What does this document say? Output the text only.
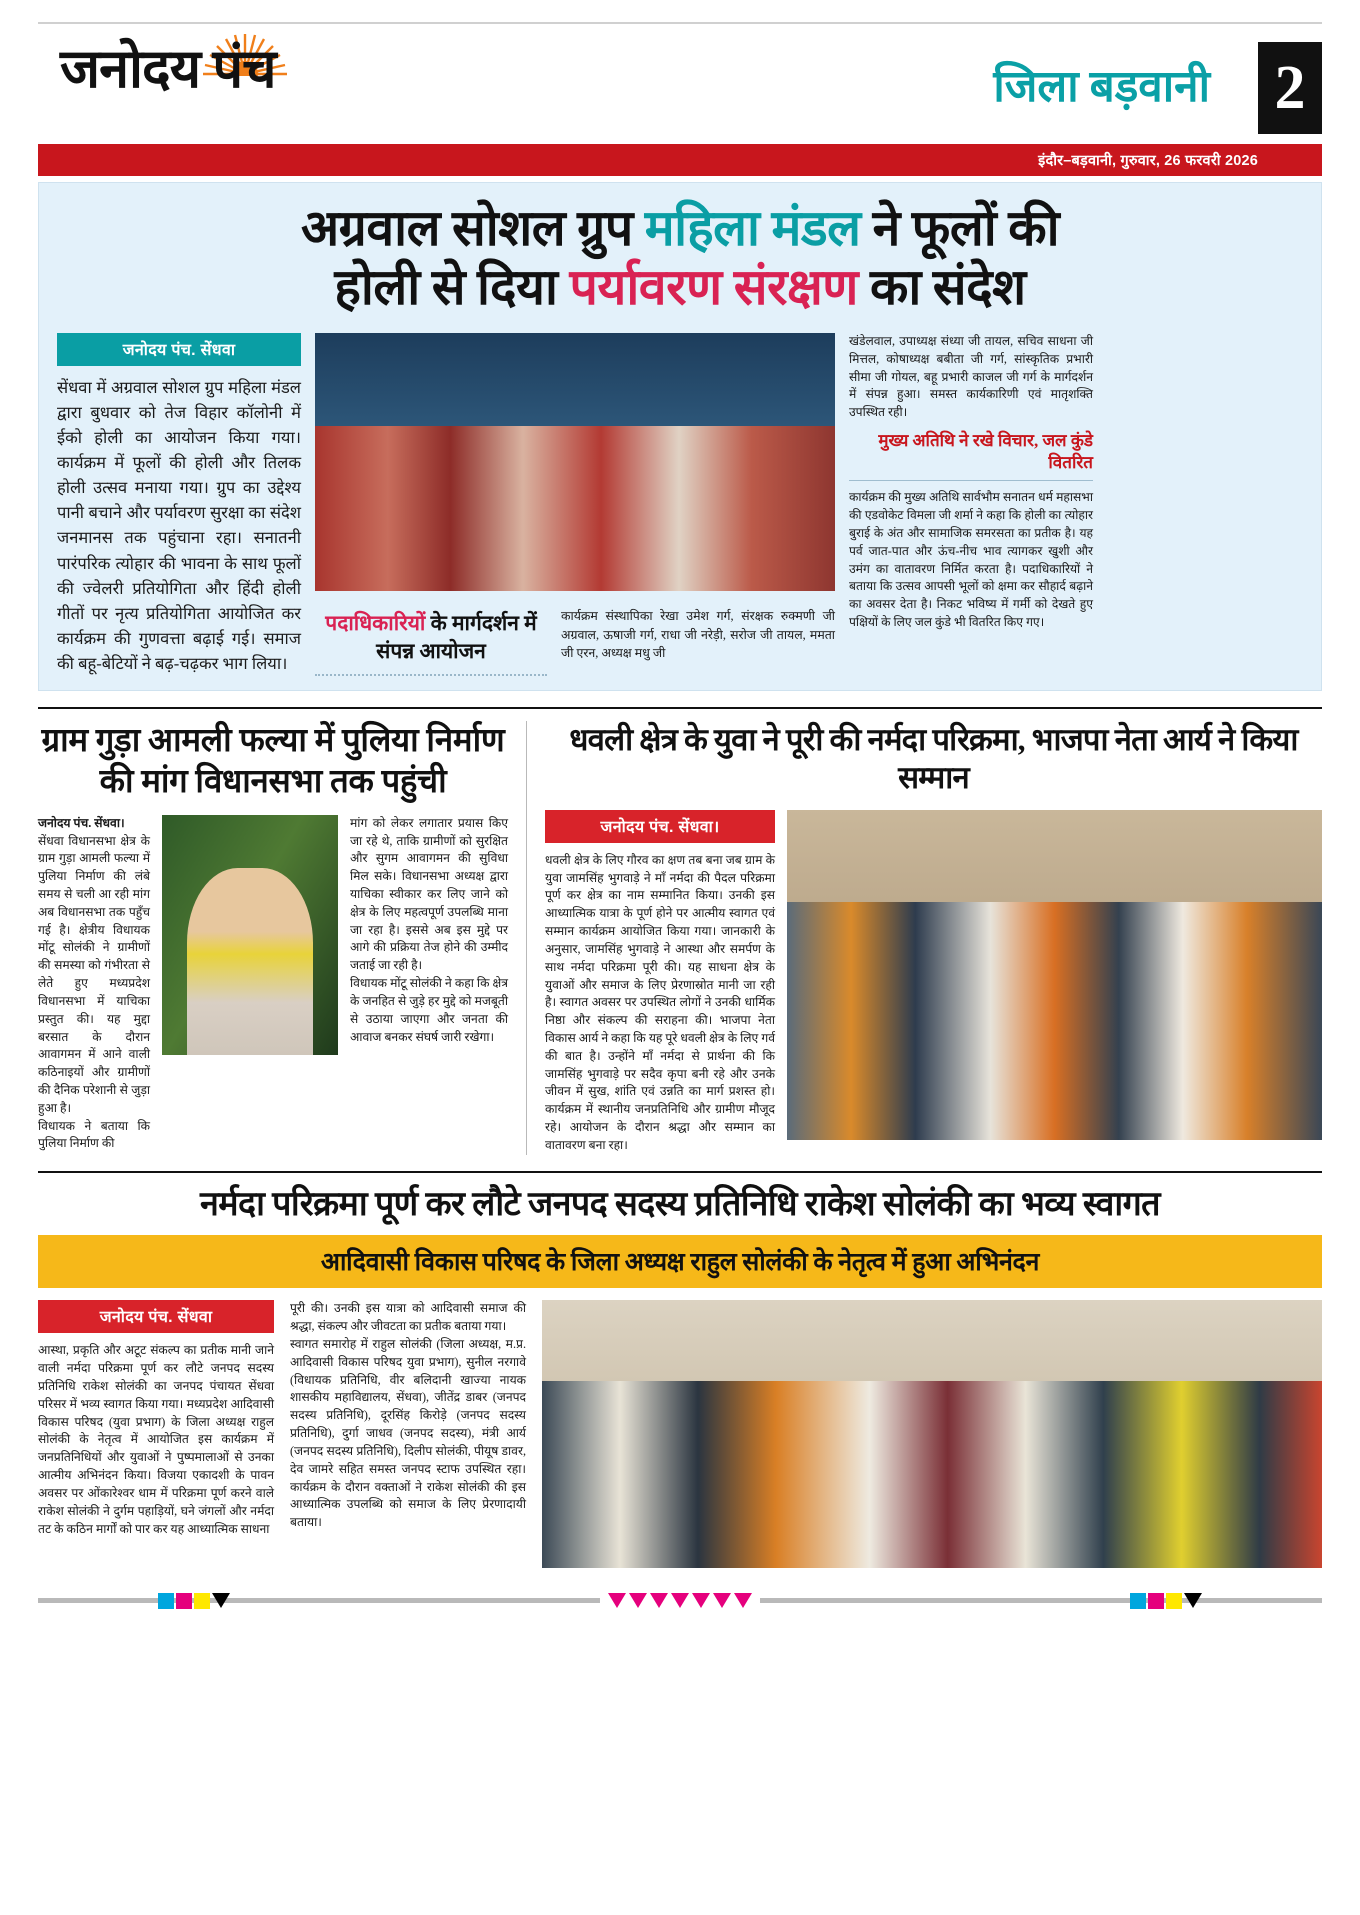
जनोदय पंच	जिला बड़वानी 2
इंदौर–बड़वानी, गुरुवार, 26 फरवरी 2026
अग्रवाल सोशल ग्रुप महिला मंडल ने फूलों की
होली से दिया पर्यावरण संरक्षण का संदेश
जनोदय पंच. सेंधवा
सेंधवा में अग्रवाल सोशल ग्रुप महिला मंडल द्वारा बुधवार को तेज विहार कॉलोनी में ईको होली का आयोजन किया गया। कार्यक्रम में फूलों की होली और तिलक होली उत्सव मनाया गया। ग्रुप का उद्देश्य पानी बचाने और पर्यावरण सुरक्षा का संदेश जनमानस तक पहुंचाना रहा। सनातनी पारंपरिक त्योहार की भावना के साथ फूलों की ज्वेलरी प्रतियोगिता और हिंदी होली गीतों पर नृत्य प्रतियोगिता आयोजित कर कार्यक्रम की गुणवत्ता बढ़ाई गई। समाज की बहू-बेटियों ने बढ़-चढ़कर भाग लिया।
पदाधिकारियों के मार्गदर्शन में संपन्न आयोजन
कार्यक्रम संस्थापिका रेखा उमेश गर्ग, संरक्षक रुक्मणी जी अग्रवाल, ऊषाजी गर्ग, राधा जी नरेड़ी, सरोज जी तायल, ममता जी एरन, अध्यक्ष मधु जी
खंडेलवाल, उपाध्यक्ष संध्या जी तायल, सचिव साधना जी मित्तल, कोषाध्यक्ष बबीता जी गर्ग, सांस्कृतिक प्रभारी सीमा जी गोयल, बहू प्रभारी काजल जी गर्ग के मार्गदर्शन में संपन्न हुआ। समस्त कार्यकारिणी एवं मातृशक्ति उपस्थित रही।
मुख्य अतिथि ने रखे विचार, जल कुंडे वितरित
कार्यक्रम की मुख्य अतिथि सार्वभौम सनातन धर्म महासभा की एडवोकेट विमला जी शर्मा ने कहा कि होली का त्योहार बुराई के अंत और सामाजिक समरसता का प्रतीक है। यह पर्व जात-पात और ऊंच-नीच भाव त्यागकर खुशी और उमंग का वातावरण निर्मित करता है। पदाधिकारियों ने बताया कि उत्सव आपसी भूलों को क्षमा कर सौहार्द बढ़ाने का अवसर देता है। निकट भविष्य में गर्मी को देखते हुए पक्षियों के लिए जल कुंडे भी वितरित किए गए।
ग्राम गुड़ा आमली फल्या में पुलिया निर्माण की मांग विधानसभा तक पहुंची
जनोदय पंच. सेंधवा।
सेंधवा विधानसभा क्षेत्र के ग्राम गुड़ा आमली फल्या में पुलिया निर्माण की लंबे समय से चली आ रही मांग अब विधानसभा तक पहुँच गई है। क्षेत्रीय विधायक मोंटू सोलंकी ने ग्रामीणों की समस्या को गंभीरता से लेते हुए मध्यप्रदेश विधानसभा में याचिका प्रस्तुत की। यह मुद्दा बरसात के दौरान आवागमन में आने वाली कठिनाइयों और ग्रामीणों की दैनिक परेशानी से जुड़ा हुआ है।
विधायक ने बताया कि पुलिया निर्माण की
मांग को लेकर लगातार प्रयास किए जा रहे थे, ताकि ग्रामीणों को सुरक्षित और सुगम आवागमन की सुविधा मिल सके। विधानसभा अध्यक्ष द्वारा याचिका स्वीकार कर लिए जाने को क्षेत्र के लिए महत्वपूर्ण उपलब्धि माना जा रहा है। इससे अब इस मुद्दे पर आगे की प्रक्रिया तेज होने की उम्मीद जताई जा रही है।
विधायक मोंटू सोलंकी ने कहा कि क्षेत्र के जनहित से जुड़े हर मुद्दे को मजबूती से उठाया जाएगा और जनता की आवाज बनकर संघर्ष जारी रखेगा।
धवली क्षेत्र के युवा ने पूरी की नर्मदा परिक्रमा, भाजपा नेता आर्य ने किया सम्मान
जनोदय पंच. सेंधवा।
धवली क्षेत्र के लिए गौरव का क्षण तब बना जब ग्राम के युवा जामसिंह भुगवाड़े ने माँ नर्मदा की पैदल परिक्रमा पूर्ण कर क्षेत्र का नाम सम्मानित किया। उनकी इस आध्यात्मिक यात्रा के पूर्ण होने पर आत्मीय स्वागत एवं सम्मान कार्यक्रम आयोजित किया गया। जानकारी के अनुसार, जामसिंह भुगवाड़े ने आस्था और समर्पण के साथ नर्मदा परिक्रमा पूरी की। यह साधना क्षेत्र के युवाओं और समाज के लिए प्रेरणास्रोत मानी जा रही है। स्वागत अवसर पर उपस्थित लोगों ने उनकी धार्मिक निष्ठा और संकल्प की सराहना की। भाजपा नेता विकास आर्य ने कहा कि यह पूरे धवली क्षेत्र के लिए गर्व की बात है। उन्होंने माँ नर्मदा से प्रार्थना की कि जामसिंह भुगवाड़े पर सदैव कृपा बनी रहे और उनके जीवन में सुख, शांति एवं उन्नति का मार्ग प्रशस्त हो। कार्यक्रम में स्थानीय जनप्रतिनिधि और ग्रामीण मौजूद रहे। आयोजन के दौरान श्रद्धा और सम्मान का वातावरण बना रहा।
नर्मदा परिक्रमा पूर्ण कर लौटे जनपद सदस्य प्रतिनिधि राकेश सोलंकी का भव्य स्वागत
आदिवासी विकास परिषद के जिला अध्यक्ष राहुल सोलंकी के नेतृत्व में हुआ अभिनंदन
जनोदय पंच. सेंधवा
आस्था, प्रकृति और अटूट संकल्प का प्रतीक मानी जाने वाली नर्मदा परिक्रमा पूर्ण कर लौटे जनपद सदस्य प्रतिनिधि राकेश सोलंकी का जनपद पंचायत सेंधवा परिसर में भव्य स्वागत किया गया। मध्यप्रदेश आदिवासी विकास परिषद (युवा प्रभाग) के जिला अध्यक्ष राहुल सोलंकी के नेतृत्व में आयोजित इस कार्यक्रम में जनप्रतिनिधियों और युवाओं ने पुष्पमालाओं से उनका आत्मीय अभिनंदन किया। विजया एकादशी के पावन अवसर पर ओंकारेश्वर धाम में परिक्रमा पूर्ण करने वाले राकेश सोलंकी ने दुर्गम पहाड़ियों, घने जंगलों और नर्मदा तट के कठिन मार्गों को पार कर यह आध्यात्मिक साधना
पूरी की। उनकी इस यात्रा को आदिवासी समाज की श्रद्धा, संकल्प और जीवटता का प्रतीक बताया गया।
स्वागत समारोह में राहुल सोलंकी (जिला अध्यक्ष, म.प्र. आदिवासी विकास परिषद युवा प्रभाग), सुनील नरगावे (विधायक प्रतिनिधि, वीर बलिदानी खाज्या नायक शासकीय महाविद्यालय, सेंधवा), जीतेंद्र डाबर (जनपद सदस्य प्रतिनिधि), दूरसिंह किरोड़े (जनपद सदस्य प्रतिनिधि), दुर्गा जाधव (जनपद सदस्य), मंत्री आर्य (जनपद सदस्य प्रतिनिधि), दिलीप सोलंकी, पीयूष डावर, देव जामरे सहित समस्त जनपद स्टाफ उपस्थित रहा। कार्यक्रम के दौरान वक्ताओं ने राकेश सोलंकी की इस आध्यात्मिक उपलब्धि को समाज के लिए प्रेरणादायी बताया।
